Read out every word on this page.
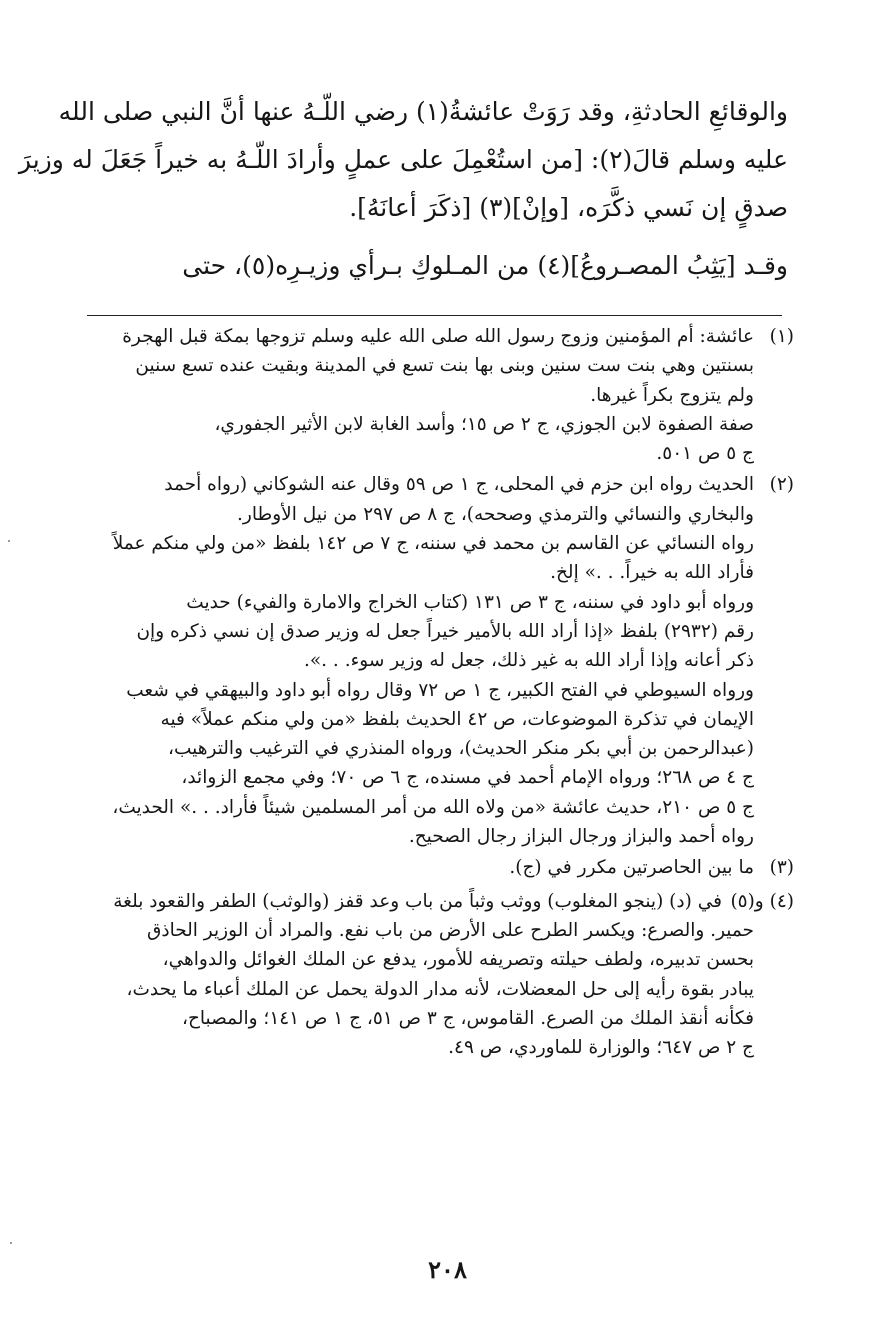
والوقائعِ الحادثةِ، وقد رَوَتْ عائشةُ(١) رضي اللّـهُ عنها أنَّ النبي صلى الله
عليه وسلم قالَ(٢): [من استُعْمِلَ على عملٍ وأرادَ اللّـهُ به خيراً جَعَلَ له وزيرَ
صدقٍ إن نَسي ذكَّرَه، [وإنْ](٣) [ذكَرَ أعانَهُ].
وقـد [يَثِبُ المصـروعُ](٤) من المـلوكِ بـرأي وزيـرِه(٥)، حتى

(١)
عائشة: أم المؤمنين وزوج رسول الله صلى الله عليه وسلم تزوجها بمكة قبل الهجرة
بسنتين وهي بنت ست سنين وبنى بها بنت تسع في المدينة وبقيت عنده تسع سنين
ولم يتزوج بكراً غيرها.
صفة الصفوة لابن الجوزي، ج ٢ ص ١٥؛ وأسد الغابة لابن الأثير الجفوري،
ج ٥ ص ٥٠١.
(٢)
الحديث رواه ابن حزم في المحلى، ج ١ ص ٥٩ وقال عنه الشوكاني (رواه أحمد
والبخاري والنسائي والترمذي وصححه)، ج ٨ ص ٢٩٧ من نيل الأوطار.
رواه النسائي عن القاسم بن محمد في سننه، ج ٧ ص ١٤٢ بلفظ «من ولي منكم عملاً
فأراد الله به خيراً. . .» إلخ.
ورواه أبو داود في سننه، ج ٣ ص ١٣١ (كتاب الخراج والامارة والفيء) حديث
رقم (٢٩٣٢) بلفظ «إذا أراد الله بالأمير خيراً جعل له وزير صدق إن نسي ذكره وإن
ذكر أعانه وإذا أراد الله به غير ذلك، جعل له وزير سوء. . .».
ورواه السيوطي في الفتح الكبير، ج ١ ص ٧٢ وقال رواه أبو داود والبيهقي في شعب
الإيمان في تذكرة الموضوعات، ص ٤٢ الحديث بلفظ «من ولي منكم عملاً» فيه
(عبدالرحمن بن أبي بكر منكر الحديث)، ورواه المنذري في الترغيب والترهيب،
ج ٤ ص ٢٦٨؛ ورواه الإمام أحمد في مسنده، ج ٦ ص ٧٠؛ وفي مجمع الزوائد،
ج ٥ ص ٢١٠، حديث عائشة «من ولاه الله من أمر المسلمين شيئاً فأراد. . .» الحديث،
رواه أحمد والبزاز ورجال البزاز رجال الصحيح.
(٣)
ما بين الحاصرتين مكرر في (ج).
(٤) و(٥)
في (د) (ينجو المغلوب) ووثب وثباً من باب وعد قفز (والوثب) الطفر والقعود بلغة
حمير. والصرع: ويكسر الطرح على الأرض من باب نفع. والمراد أن الوزير الحاذق
بحسن تدبيره، ولطف حيلته وتصريفه للأمور، يدفع عن الملك الغوائل والدواهي،
يبادر بقوة رأيه إلى حل المعضلات، لأنه مدار الدولة يحمل عن الملك أعباء ما يحدث،
فكأنه أنقذ الملك من الصرع. القاموس، ج ٣ ص ٥١، ج ١ ص ١٤١؛ والمصباح،
ج ٢ ص ٦٤٧؛ والوزارة للماوردي، ص ٤٩.
٢٠٨
